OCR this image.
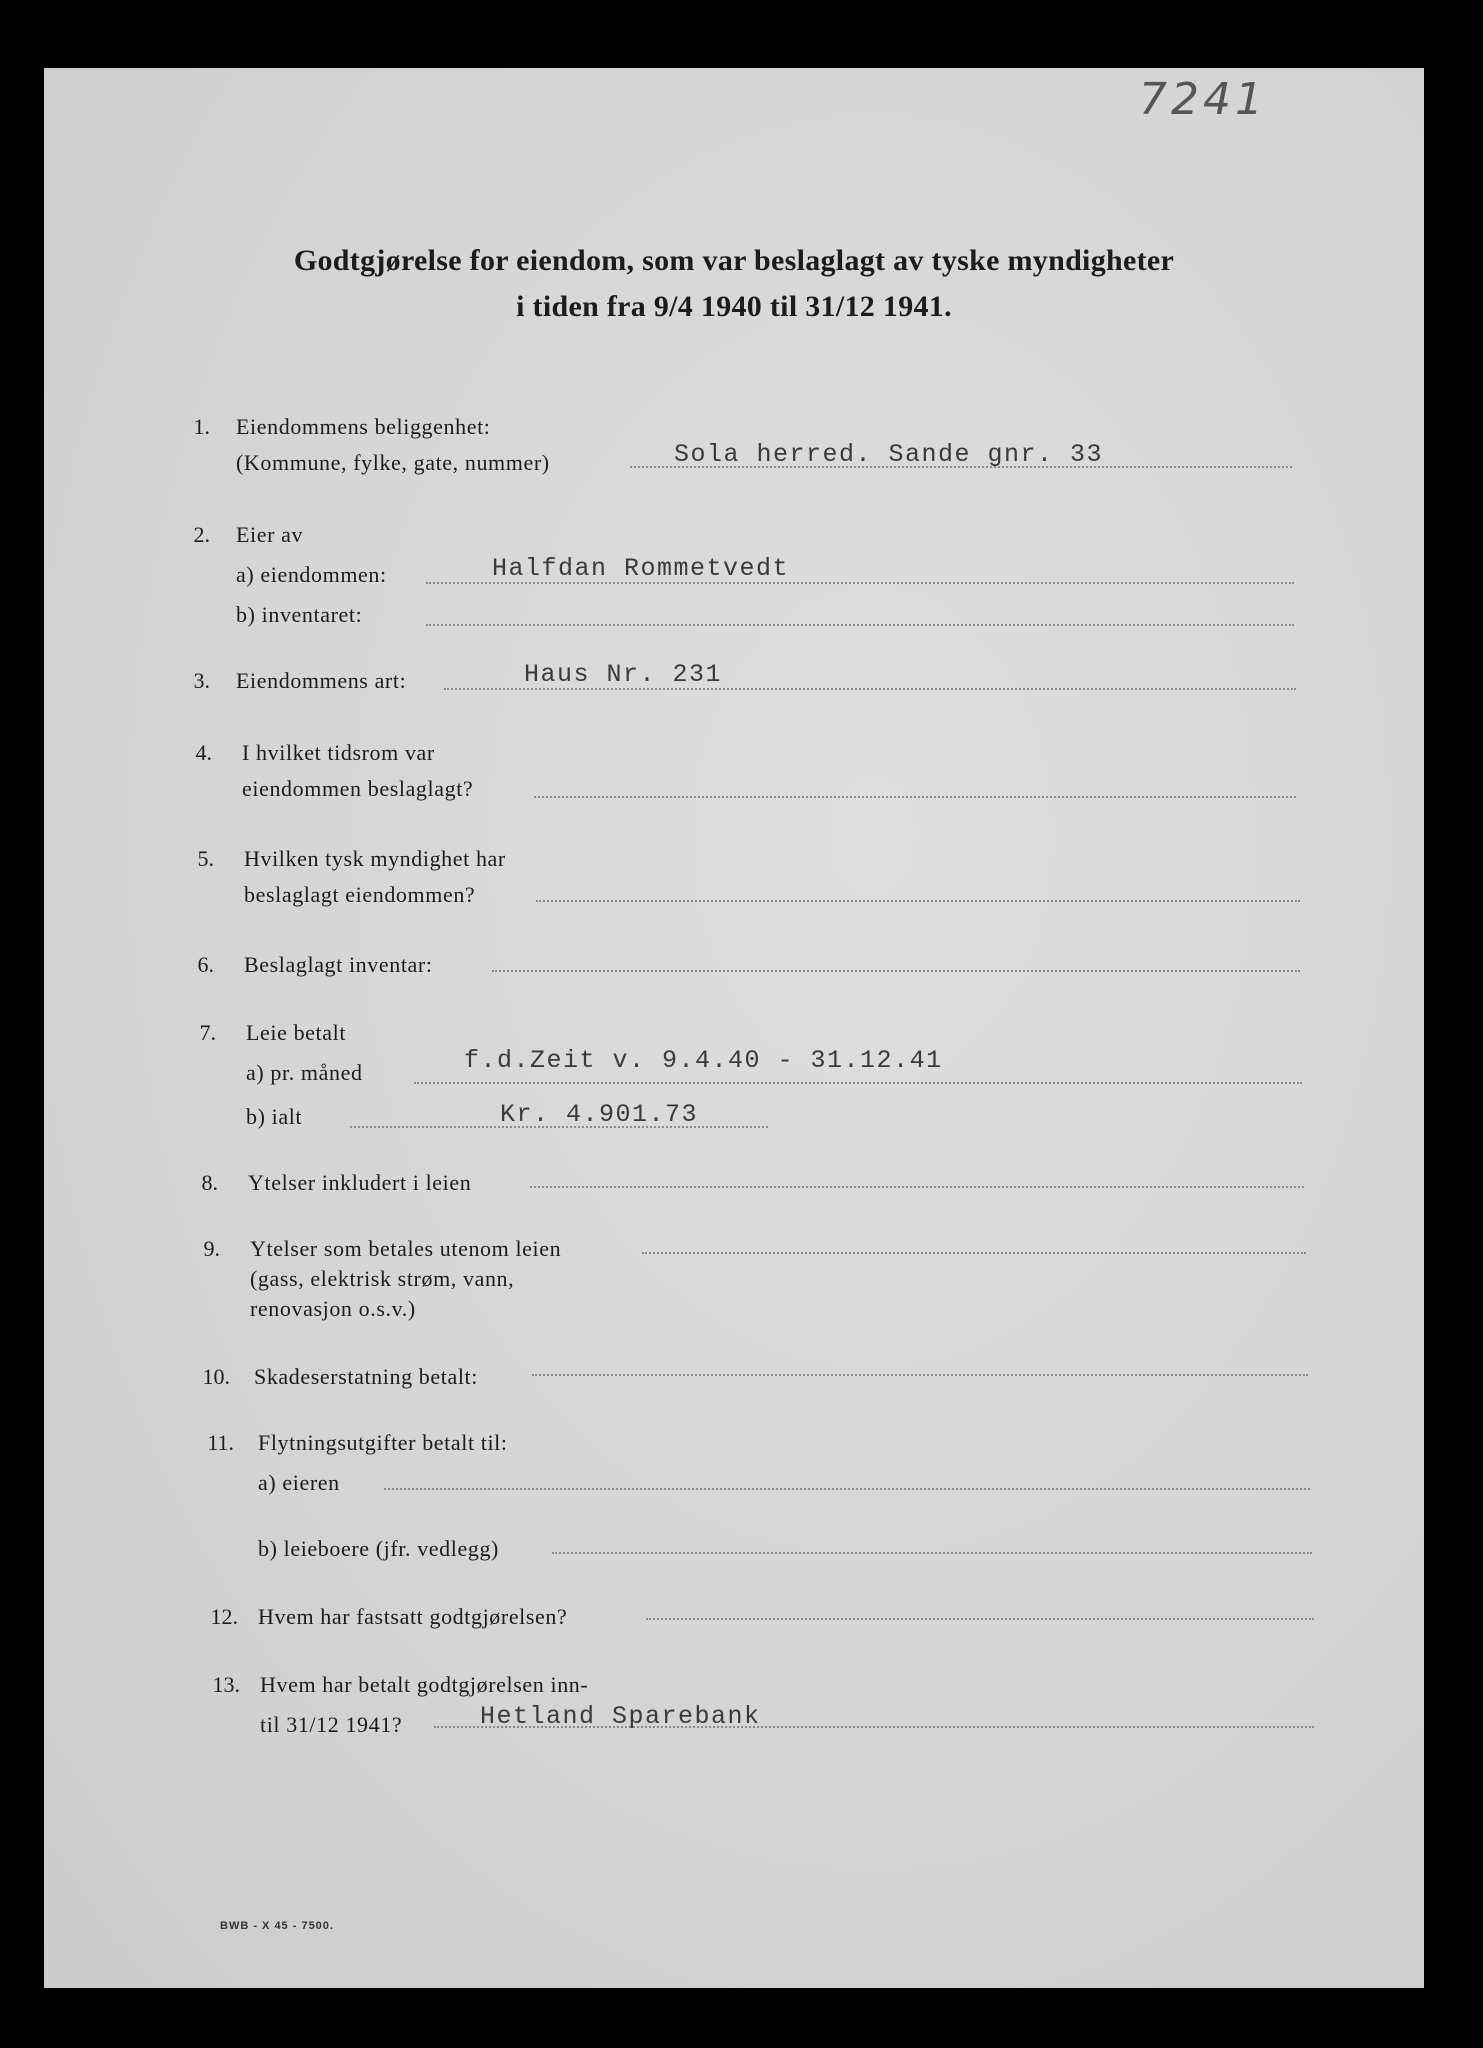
7241
Godtgjørelse for eiendom, som var beslaglagt av tyske myndigheter
i tiden fra 9/4 1940 til 31/12 1941.
1. Eiendommens beliggenhet:
(Kommune, fylke, gate, nummer)	Sola herred. Sande gnr. 33
2. Eier av
a) eiendommen:	Halfdan Rommetvedt
b) inventaret:
3. Eiendommens art:	Haus Nr. 231
4. I hvilket tidsrom var
eiendommen beslaglagt?
5. Hvilken tysk myndighet har
beslaglagt eiendommen?
6. Beslaglagt inventar:
7. Leie betalt
a) pr. måned	f.d.Zeit v. 9.4.40 - 31.12.41
b) ialt	Kr. 4.901.73
8. Ytelser inkludert i leien
9. Ytelser som betales utenom leien
(gass, elektrisk strøm, vann,
renovasjon o.s.v.)
10. Skadeserstatning betalt:
11. Flytningsutgifter betalt til:
a) eieren
b) leieboere (jfr. vedlegg)
12. Hvem har fastsatt godtgjørelsen?
13. Hvem har betalt godtgjørelsen inn-
til 31/12 1941?	Hetland Sparebank
BWB - X 45 - 7500.
